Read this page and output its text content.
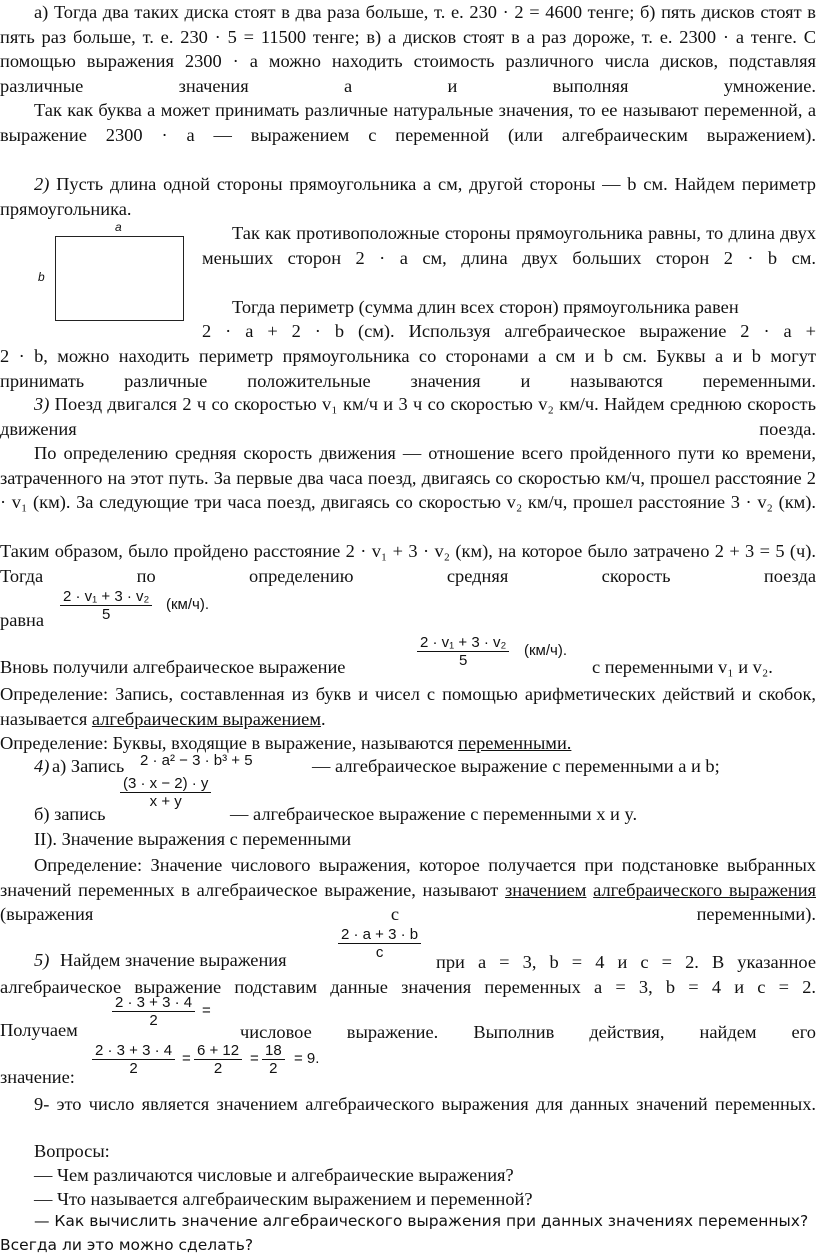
а) Тогда два таких диска стоят в два раза больше, т. е. 230 · 2 = 4600 тенге; б) пять дисков стоят в пять раз больше, т. е. 230 · 5 = 11500 тенге; в) a дисков стоят в a раз дороже, т. е. 2300 · a тенге. С помощью выражения 2300 · a можно находить стоимость различного числа дисков, подставляя различные значения а и выполняя умножение.

Так как буква a может принимать различные натуральные значения, то ее называют переменной, а выражение 2300 · a — выражением с переменной (или алгебраическим выражением).

2) Пусть длина одной стороны прямоугольника a см, другой стороны — b см. Найдем периметр прямоугольника.

a
b

Так как противоположные стороны прямоугольника равны, то длина двух меньших сторон 2 · a см, длина двух больших сторон 2 · b см.

Тогда периметр (сумма длин всех сторон) прямоугольника равен

2 · a + 2 · b (см). Используя алгебраическое выражение 2 · a +

2 · b, можно находить периметр прямоугольника со сторонами a см и b см. Буквы a и b могут принимать различные положительные значения и называются переменными.

3) Поезд двигался 2 ч со скоростью v₁ км/ч и 3 ч со скоростью v₂ км/ч. Найдем среднюю скорость движения поезда.

По определению средняя скорость движения — отношение всего пройденного пути ко времени, затраченного на этот путь. За первые два часа поезд, двигаясь со скоростью км/ч, прошел расстояние 2 · v₁ (км). За следующие три часа поезд, двигаясь со скоростью v₂ км/ч, прошел расстояние 3 · v₂ (км).

Таким образом, было пройдено расстояние 2 · v₁ + 3 · v₂ (км), на которое было затрачено 2 + 3 = 5 (ч). Тогда по определению средняя скорость поезда

равна $\frac{\text{2 · v₁ + 3 · v₂}}{5} (км/ч)$.
Вновь получили алгебраическое выражение	$\frac{\text{2 · v₁ + 3 · v₂}}{5} (км/ч)$.
с переменными v₁ и v₂.

Определение: Запись, составленная из букв и чисел с помощью арифметических действий и скобок, называется алгебраическим выражением.

Определение: Буквы, входящие в выражение, называются переменными.

4) а) Запись 2 · a² − 3 · b³ + 5	— алгебраическое выражение с переменными а и b;
$\frac{(3 \cdot x - 2) \cdot y}{x + y}$
б) запись	— алгебраическое выражение с переменными x и y.
II). Значение выражения с переменными

Определение: Значение числового выражения, которое получается при подстановке выбранных значений переменных в алгебраическое выражение, называют значением алгебраического выражения (выражения с переменными).

5) Найдем значение выражения	$\frac{2 \cdot a + 3 \cdot b}{c}$

при a = 3, b = 4 и c = 2. В указанное алгебраическое выражение подставим данные значения переменных a = 3, b = 4 и c = 2.

Получаем
$\frac{2 \cdot 3 + 3 \cdot 4}{2}$ =

числовое выражение. Выполнив действия, найдем его

значение: $\frac{2 \cdot 3 + 3 \cdot 4}{2} = \frac{6 + 12}{2} = \frac{18}{2} = 9$.

9- это число является значением алгебраического выражения для данных значений переменных.

Вопросы:
— Чем различаются числовые и алгебраические выражения?
— Что называется алгебраическим выражением и переменной?
— Как вычислить значение алгебраического выражения при данных значениях переменных?
Всегда ли это можно сделать?
